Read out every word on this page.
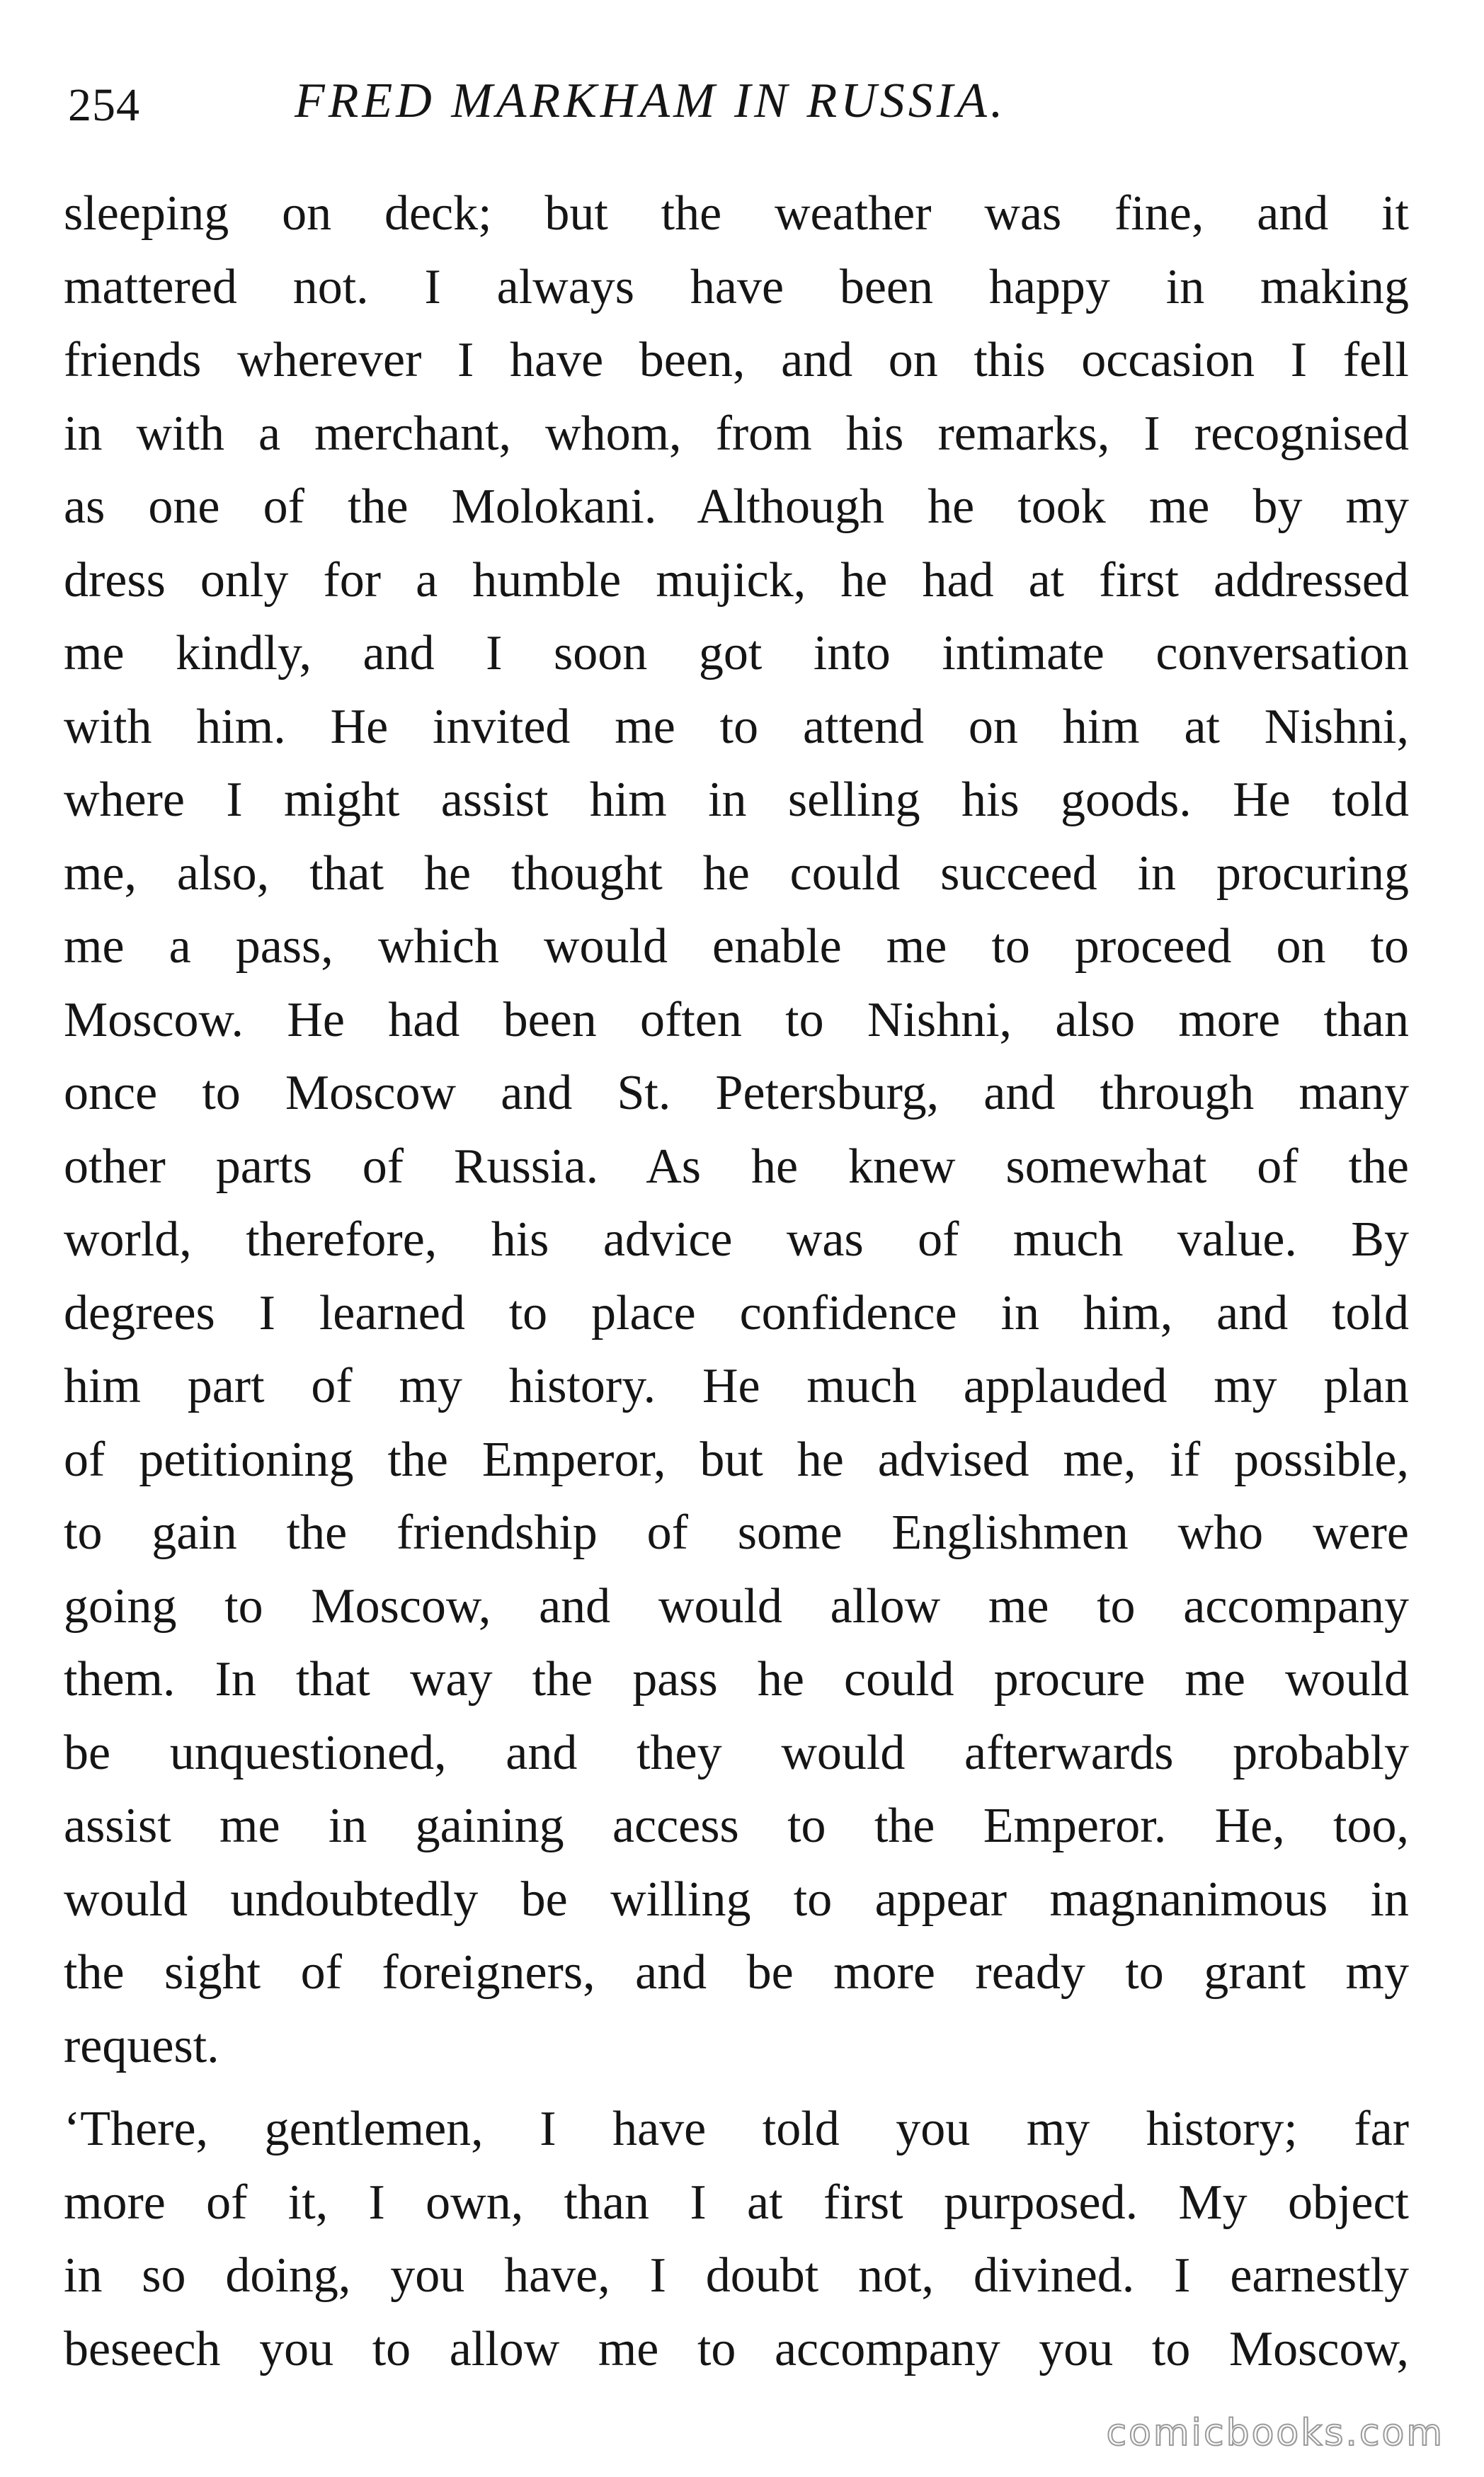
254	FRED MARKHAM IN RUSSIA.

sleeping on deck; but the weather was fine, and it
mattered not. I always have been happy in making
friends wherever I have been, and on this occasion I fell
in with a merchant, whom, from his remarks, I recognised
as one of the Molokani. Although he took me by my
dress only for a humble mujick, he had at first addressed
me kindly, and I soon got into intimate conversation
with him. He invited me to attend on him at Nishni,
where I might assist him in selling his goods. He told
me, also, that he thought he could succeed in procuring
me a pass, which would enable me to proceed on to
Moscow. He had been often to Nishni, also more than
once to Moscow and St. Petersburg, and through many
other parts of Russia. As he knew somewhat of the
world, therefore, his advice was of much value. By
degrees I learned to place confidence in him, and told
him part of my history. He much applauded my plan
of petitioning the Emperor, but he advised me, if possible,
to gain the friendship of some Englishmen who were
going to Moscow, and would allow me to accompany
them. In that way the pass he could procure me would
be unquestioned, and they would afterwards probably
assist me in gaining access to the Emperor. He, too,
would undoubtedly be willing to appear magnanimous in
the sight of foreigners, and be more ready to grant my
request.

‘There, gentlemen, I have told you my history; far
more of it, I own, than I at first purposed. My object
in so doing, you have, I doubt not, divined. I earnestly
beseech you to allow me to accompany you to Moscow,

comicbooks.com
